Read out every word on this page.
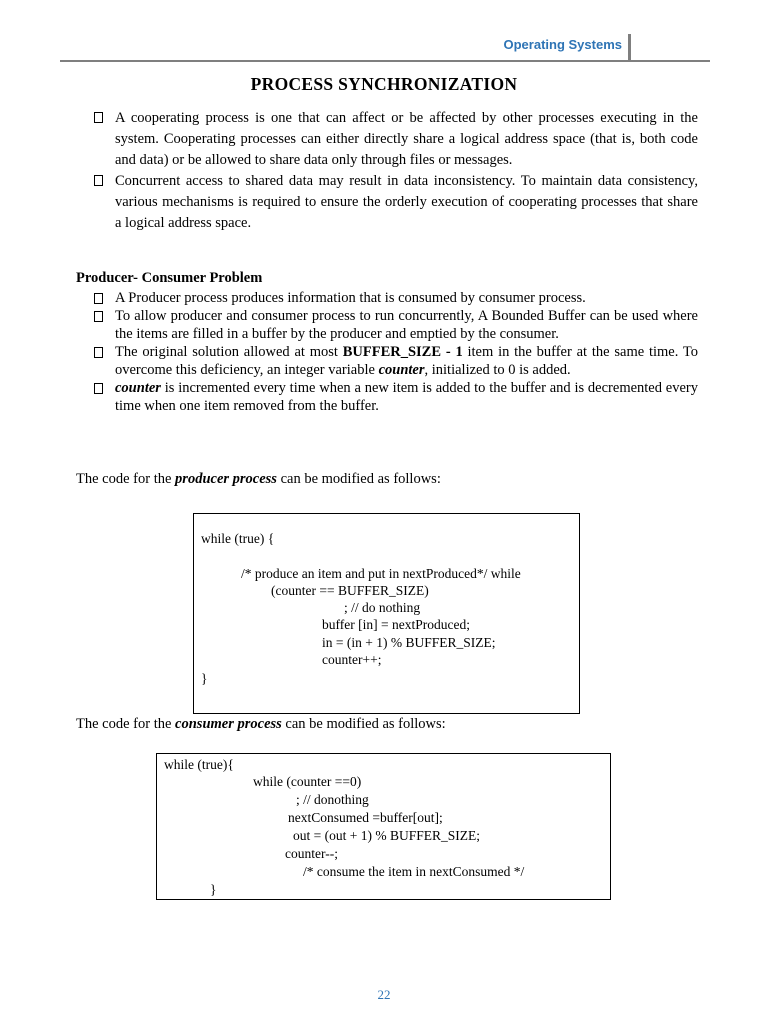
Operating Systems
PROCESS SYNCHRONIZATION
A cooperating process is one that can affect or be affected by other processes executing in the system. Cooperating processes can either directly share a logical address space (that is, both code and data) or be allowed to share data only through files or messages.
Concurrent access to shared data may result in data inconsistency. To maintain data consistency, various mechanisms is required to ensure the orderly execution of cooperating processes that share a logical address space.
Producer- Consumer Problem
A Producer process produces information that is consumed by consumer process.
To allow producer and consumer process to run concurrently, A Bounded Buffer can be used where the items are filled in a buffer by the producer and emptied by the consumer.
The original solution allowed at most BUFFER_SIZE - 1 item in the buffer at the same time. To overcome this deficiency, an integer variable counter, initialized to 0 is added.
counter is incremented every time when a new item is added to the buffer and is decremented every time when one item removed from the buffer.
The code for the producer process can be modified as follows:
while (true) {
/* produce an item and put in nextProduced*/ while
(counter == BUFFER_SIZE)
; // do nothing
buffer [in] = nextProduced;
in = (in + 1) % BUFFER_SIZE;
counter++;
}
The code for the consumer process can be modified as follows:
while (true){
while (counter ==0)
; // donothing
nextConsumed =buffer[out];
out = (out + 1) % BUFFER_SIZE;
counter--;
/* consume the item in nextConsumed */
}
22
